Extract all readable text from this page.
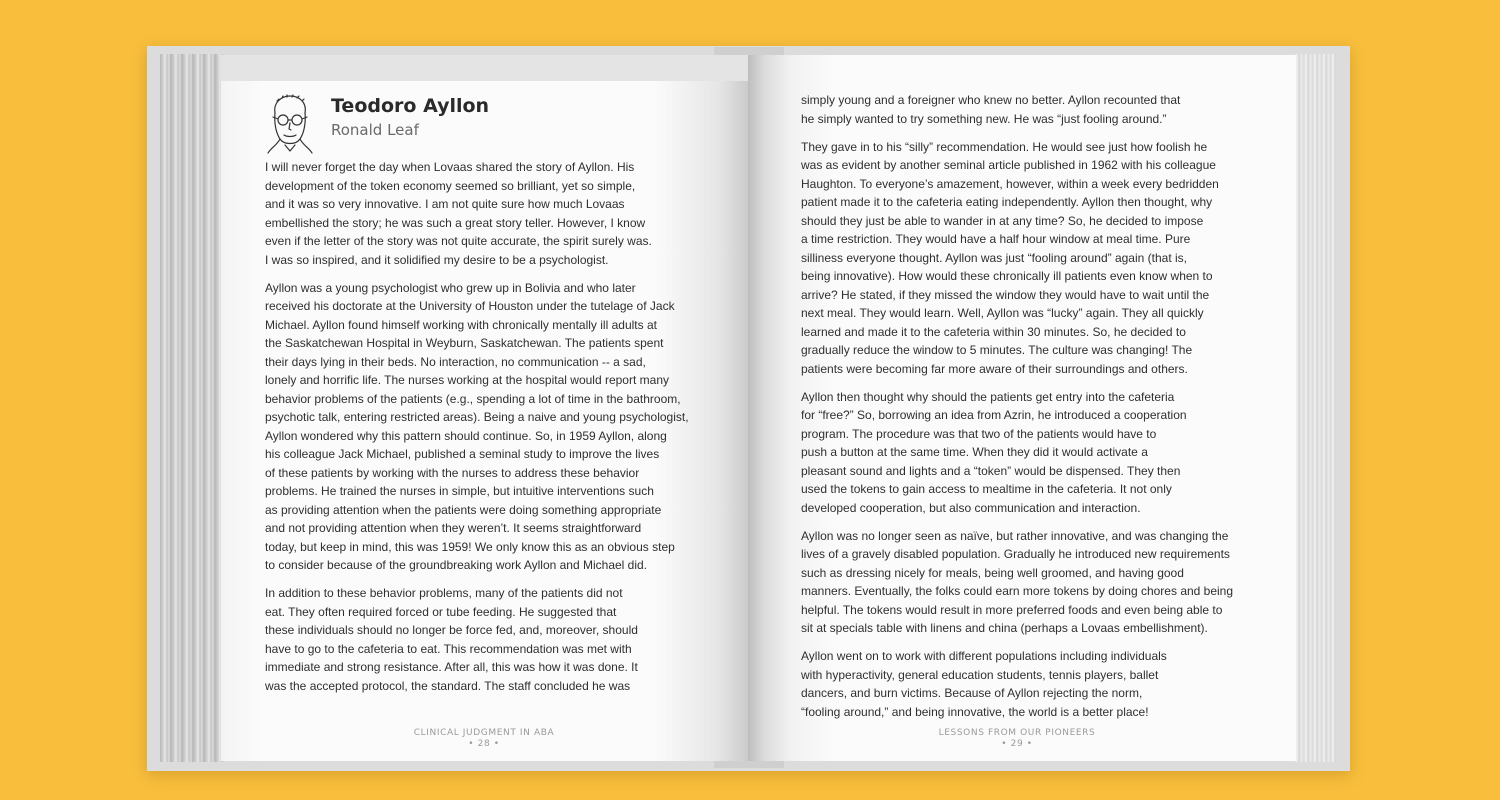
Teodoro Ayllon
Ronald Leaf

I will never forget the day when Lovaas shared the story of Ayllon. His

development of the token economy seemed so brilliant, yet so simple,

and it was so very innovative. I am not quite sure how much Lovaas

embellished the story; he was such a great story teller. However, I know

even if the letter of the story was not quite accurate, the spirit surely was.

I was so inspired, and it solidified my desire to be a psychologist.

Ayllon was a young psychologist who grew up in Bolivia and who later

received his doctorate at the University of Houston under the tutelage of Jack

Michael. Ayllon found himself working with chronically mentally ill adults at

the Saskatchewan Hospital in Weyburn, Saskatchewan. The patients spent

their days lying in their beds. No interaction, no communication -- a sad,

lonely and horrific life. The nurses working at the hospital would report many

behavior problems of the patients (e.g., spending a lot of time in the bathroom,

psychotic talk, entering restricted areas). Being a naive and young psychologist,

Ayllon wondered why this pattern should continue. So, in 1959 Ayllon, along

his colleague Jack Michael, published a seminal study to improve the lives

of these patients by working with the nurses to address these behavior

problems. He trained the nurses in simple, but intuitive interventions such

as providing attention when the patients were doing something appropriate

and not providing attention when they weren’t. It seems straightforward

today, but keep in mind, this was 1959! We only know this as an obvious step

to consider because of the groundbreaking work Ayllon and Michael did.

In addition to these behavior problems, many of the patients did not

eat. They often required forced or tube feeding. He suggested that

these individuals should no longer be force fed, and, moreover, should

have to go to the cafeteria to eat. This recommendation was met with

immediate and strong resistance. After all, this was how it was done. It

was the accepted protocol, the standard. The staff concluded he was

CLINICAL JUDGMENT IN ABA
• 28 •

simply young and a foreigner who knew no better. Ayllon recounted that

he simply wanted to try something new. He was “just fooling around.”

They gave in to his “silly” recommendation. He would see just how foolish he

was as evident by another seminal article published in 1962 with his colleague

Haughton. To everyone’s amazement, however, within a week every bedridden

patient made it to the cafeteria eating independently. Ayllon then thought, why

should they just be able to wander in at any time? So, he decided to impose

a time restriction. They would have a half hour window at meal time. Pure

silliness everyone thought. Ayllon was just “fooling around” again (that is,

being innovative). How would these chronically ill patients even know when to

arrive? He stated, if they missed the window they would have to wait until the

next meal. They would learn. Well, Ayllon was “lucky” again. They all quickly

learned and made it to the cafeteria within 30 minutes. So, he decided to

gradually reduce the window to 5 minutes. The culture was changing! The

patients were becoming far more aware of their surroundings and others.

Ayllon then thought why should the patients get entry into the cafeteria

for “free?” So, borrowing an idea from Azrin, he introduced a cooperation

program. The procedure was that two of the patients would have to

push a button at the same time. When they did it would activate a

pleasant sound and lights and a “token” would be dispensed. They then

used the tokens to gain access to mealtime in the cafeteria. It not only

developed cooperation, but also communication and interaction.

Ayllon was no longer seen as naïve, but rather innovative, and was changing the

lives of a gravely disabled population. Gradually he introduced new requirements

such as dressing nicely for meals, being well groomed, and having good

manners. Eventually, the folks could earn more tokens by doing chores and being

helpful. The tokens would result in more preferred foods and even being able to

sit at specials table with linens and china (perhaps a Lovaas embellishment).

Ayllon went on to work with different populations including individuals

with hyperactivity, general education students, tennis players, ballet

dancers, and burn victims. Because of Ayllon rejecting the norm,

“fooling around,” and being innovative, the world is a better place!

LESSONS FROM OUR PIONEERS
• 29 •
